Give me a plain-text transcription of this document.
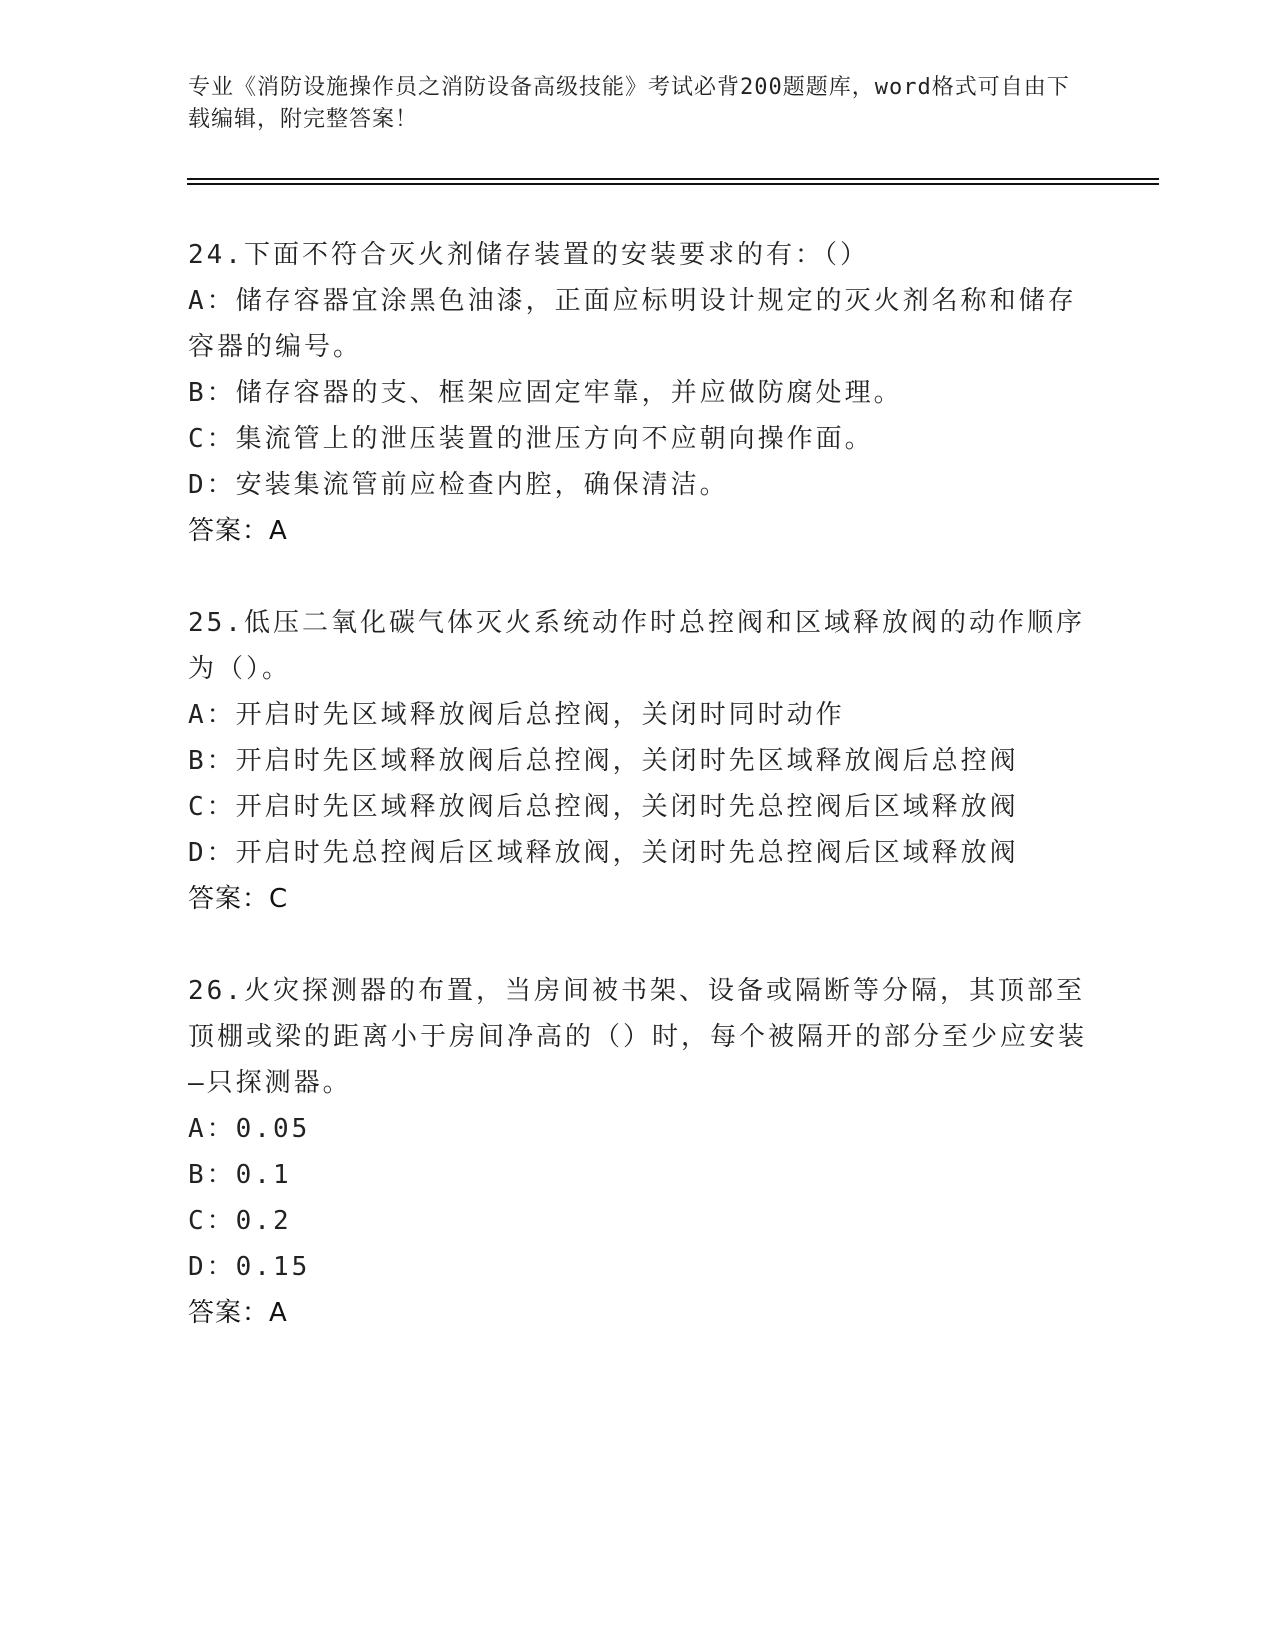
专业《消防设施操作员之消防设备高级技能》考试必背200题题库，word格式可自由下载编辑，附完整答案！
24.下面不符合灭火剂储存装置的安装要求的有：（）
A：储存容器宜涂黑色油漆，正面应标明设计规定的灭火剂名称和储存容器的编号。
B：储存容器的支、框架应固定牢靠，并应做防腐处理。
C：集流管上的泄压装置的泄压方向不应朝向操作面。
D：安装集流管前应检查内腔，确保清洁。
答案：A
25.低压二氧化碳气体灭火系统动作时总控阀和区域释放阀的动作顺序为（）。
A：开启时先区域释放阀后总控阀，关闭时同时动作
B：开启时先区域释放阀后总控阀，关闭时先区域释放阀后总控阀
C：开启时先区域释放阀后总控阀，关闭时先总控阀后区域释放阀
D：开启时先总控阀后区域释放阀，关闭时先总控阀后区域释放阀
答案：C
26.火灾探测器的布置，当房间被书架、设备或隔断等分隔，其顶部至顶棚或梁的距离小于房间净高的（）时，每个被隔开的部分至少应安装—只探测器。
A：0.05
B：0.1
C：0.2
D：0.15
答案：A
